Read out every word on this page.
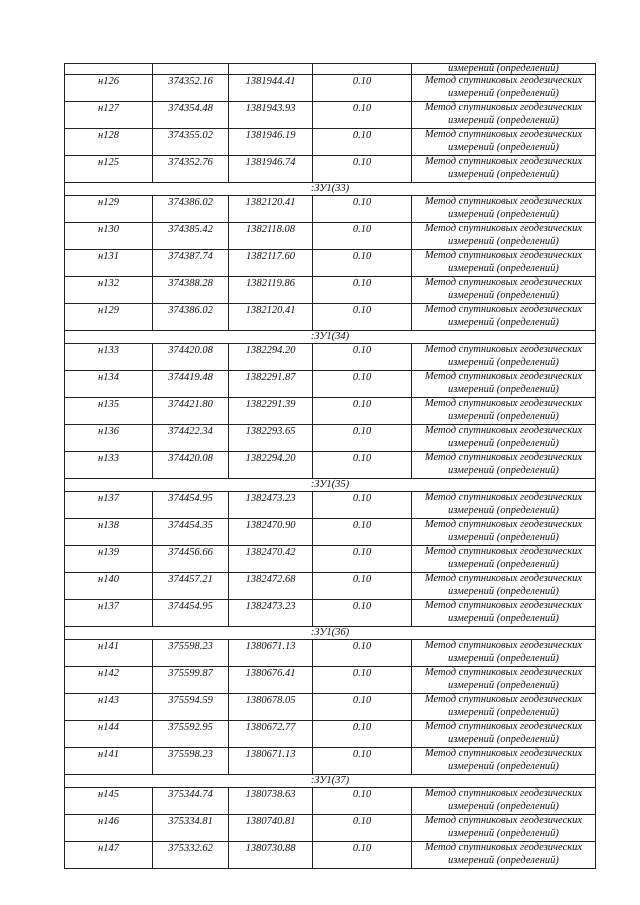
				измерений (определений)
н126	374352.16	1381944.41	0.10	Метод спутниковых геодезических
измерений (определений)

н127	374354.48	1381943.93	0.10	Метод спутниковых геодезических
измерений (определений)

н128	374355.02	1381946.19	0.10	Метод спутниковых геодезических
измерений (определений)

н125	374352.76	1381946.74	0.10	Метод спутниковых геодезических
измерений (определений)

:ЗУ1(33)				
н129	374386.02	1382120.41	0.10	Метод спутниковых геодезических
измерений (определений)

н130	374385.42	1382118.08	0.10	Метод спутниковых геодезических
измерений (определений)

н131	374387.74	1382117.60	0.10	Метод спутниковых геодезических
измерений (определений)

н132	374388.28	1382119.86	0.10	Метод спутниковых геодезических
измерений (определений)

н129	374386.02	1382120.41	0.10	Метод спутниковых геодезических
измерений (определений)

:ЗУ1(34)				
н133	374420.08	1382294.20	0.10	Метод спутниковых геодезических
измерений (определений)

н134	374419.48	1382291.87	0.10	Метод спутниковых геодезических
измерений (определений)

н135	374421.80	1382291.39	0.10	Метод спутниковых геодезических
измерений (определений)

н136	374422.34	1382293.65	0.10	Метод спутниковых геодезических
измерений (определений)

н133	374420.08	1382294.20	0.10	Метод спутниковых геодезических
измерений (определений)

:ЗУ1(35)				
н137	374454.95	1382473.23	0.10	Метод спутниковых геодезических
измерений (определений)

н138	374454.35	1382470.90	0.10	Метод спутниковых геодезических
измерений (определений)

н139	374456.66	1382470.42	0.10	Метод спутниковых геодезических
измерений (определений)

н140	374457.21	1382472.68	0.10	Метод спутниковых геодезических
измерений (определений)

н137	374454.95	1382473.23	0.10	Метод спутниковых геодезических
измерений (определений)

:ЗУ1(36)				
н141	375598.23	1380671.13	0.10	Метод спутниковых геодезических
измерений (определений)

н142	375599.87	1380676.41	0.10	Метод спутниковых геодезических
измерений (определений)

н143	375594.59	1380678.05	0.10	Метод спутниковых геодезических
измерений (определений)

н144	375592.95	1380672.77	0.10	Метод спутниковых геодезических
измерений (определений)

н141	375598.23	1380671.13	0.10	Метод спутниковых геодезических
измерений (определений)

:ЗУ1(37)				
н145	375344.74	1380738.63	0.10	Метод спутниковых геодезических
измерений (определений)

н146	375334.81	1380740.81	0.10	Метод спутниковых геодезических
измерений (определений)

н147	375332.62	1380730.88	0.10	Метод спутниковых геодезических
измерений (определений)
